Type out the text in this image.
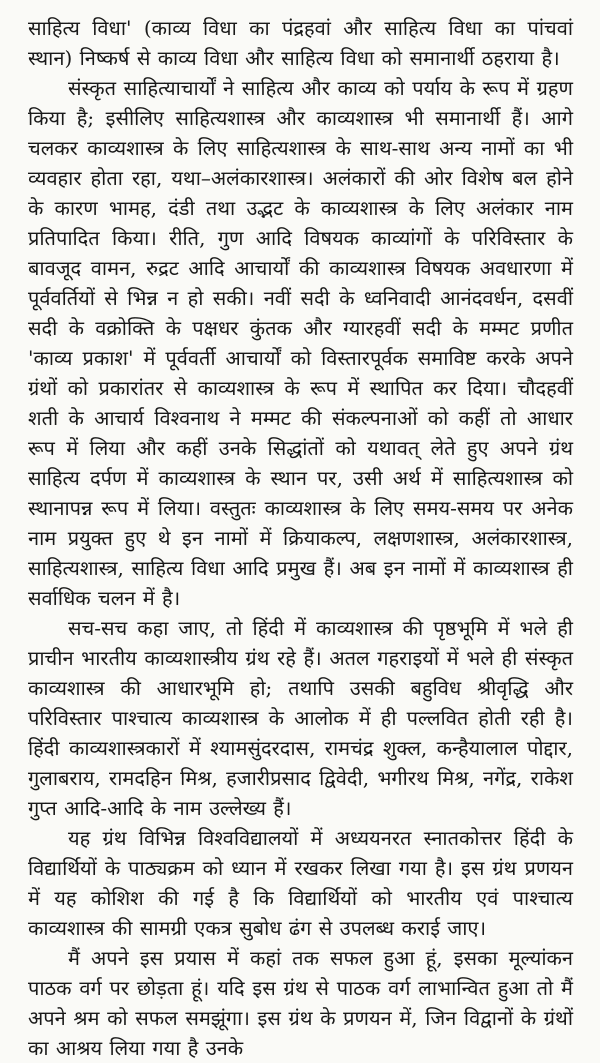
साहित्य विधा' (काव्य विधा का पंद्रहवां और साहित्य विधा का पांचवां स्थान) निष्कर्ष से काव्य विधा और साहित्य विधा को समानार्थी ठहराया है।

संस्कृत साहित्याचार्यों ने साहित्य और काव्य को पर्याय के रूप में ग्रहण किया है; इसीलिए साहित्यशास्त्र और काव्यशास्त्र भी समानार्थी हैं। आगे चलकर काव्यशास्त्र के लिए साहित्यशास्त्र के साथ-साथ अन्य नामों का भी व्यवहार होता रहा, यथा–अलंकारशास्त्र। अलंकारों की ओर विशेष बल होने के कारण भामह, दंडी तथा उद्भट के काव्यशास्त्र के लिए अलंकार नाम प्रतिपादित किया। रीति, गुण आदि विषयक काव्यांगों के परिविस्तार के बावजूद वामन, रुद्रट आदि आचार्यों की काव्यशास्त्र विषयक अवधारणा में पूर्ववर्तियों से भिन्न न हो सकी। नवीं सदी के ध्वनिवादी आनंदवर्धन, दसवीं सदी के वक्रोक्ति के पक्षधर कुंतक और ग्यारहवीं सदी के मम्मट प्रणीत 'काव्य प्रकाश' में पूर्ववर्ती आचार्यों को विस्तारपूर्वक समाविष्ट करके अपने ग्रंथों को प्रकारांतर से काव्यशास्त्र के रूप में स्थापित कर दिया। चौदहवीं शती के आचार्य विश्वनाथ ने मम्मट की संकल्पनाओं को कहीं तो आधार रूप में लिया और कहीं उनके सिद्धांतों को यथावत् लेते हुए अपने ग्रंथ साहित्य दर्पण में काव्यशास्त्र के स्थान पर, उसी अर्थ में साहित्यशास्त्र को स्थानापन्न रूप में लिया। वस्तुतः काव्यशास्त्र के लिए समय-समय पर अनेक नाम प्रयुक्त हुए थे इन नामों में क्रियाकल्प, लक्षणशास्त्र, अलंकारशास्त्र, साहित्यशास्त्र, साहित्य विधा आदि प्रमुख हैं। अब इन नामों में काव्यशास्त्र ही सर्वाधिक चलन में है।

सच-सच कहा जाए, तो हिंदी में काव्यशास्त्र की पृष्ठभूमि में भले ही प्राचीन भारतीय काव्यशास्त्रीय ग्रंथ रहे हैं। अतल गहराइयों में भले ही संस्कृत काव्यशास्त्र की आधारभूमि हो; तथापि उसकी बहुविध श्रीवृद्धि और परिविस्तार पाश्चात्य काव्यशास्त्र के आलोक में ही पल्लवित होती रही है। हिंदी काव्यशास्त्रकारों में श्यामसुंदरदास, रामचंद्र शुक्ल, कन्हैयालाल पोद्दार, गुलाबराय, रामदहिन मिश्र, हजारीप्रसाद द्विवेदी, भगीरथ मिश्र, नगेंद्र, राकेश गुप्त आदि-आदि के नाम उल्लेख्य हैं।

यह ग्रंथ विभिन्न विश्वविद्यालयों में अध्ययनरत स्नातकोत्तर हिंदी के विद्यार्थियों के पाठ्यक्रम को ध्यान में रखकर लिखा गया है। इस ग्रंथ प्रणयन में यह कोशिश की गई है कि विद्यार्थियों को भारतीय एवं पाश्चात्य काव्यशास्त्र की सामग्री एकत्र सुबोध ढंग से उपलब्ध कराई जाए।

मैं अपने इस प्रयास में कहां तक सफल हुआ हूं, इसका मूल्यांकन पाठक वर्ग पर छोड़ता हूं। यदि इस ग्रंथ से पाठक वर्ग लाभान्वित हुआ तो मैं अपने श्रम को सफल समझूंगा। इस ग्रंथ के प्रणयन में, जिन विद्वानों के ग्रंथों का आश्रय लिया गया है उनके
